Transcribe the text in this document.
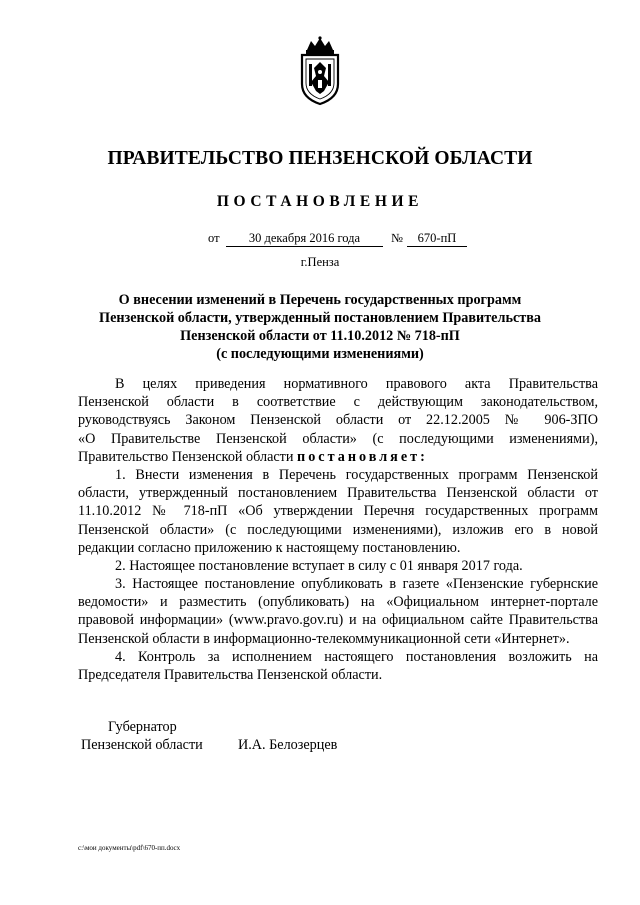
ПРАВИТЕЛЬСТВО ПЕНЗЕНСКОЙ ОБЛАСТИ
ПОСТАНОВЛЕНИЕ
от	30 декабря 2016 года	№	670-пП
г.Пенза
О внесении изменений в Перечень государственных программ
Пензенской области, утвержденный постановлением Правительства
Пензенской области от 11.10.2012 № 718-пП
(с последующими изменениями)
В целях приведения нормативного правового акта Правительства
Пензенской области в соответствие с действующим законодательством,
руководствуясь Законом Пензенской области от 22.12.2005 № 906-ЗПО
«О Правительстве Пензенской области» (с последующими изменениями),
Правительство Пензенской области постановляет:
1. Внести изменения в Перечень государственных программ Пензенской
области, утвержденный постановлением Правительства Пензенской области от
11.10.2012 № 718-пП «Об утверждении Перечня государственных программ
Пензенской области» (с последующими изменениями), изложив его в новой
редакции согласно приложению к настоящему постановлению.
2. Настоящее постановление вступает в силу с 01 января 2017 года.
3. Настоящее постановление опубликовать в газете «Пензенские губернские
ведомости» и разместить (опубликовать) на «Официальном интернет-портале
правовой информации» (www.pravo.gov.ru) и на официальном сайте Правительства
Пензенской области в информационно-телекоммуникационной сети «Интернет».
4. Контроль за исполнением настоящего постановления возложить на
Председателя Правительства Пензенской области.
Губернатор
Пензенской области И.А. Белозерцев
c:\мои документы\pdf\670-пп.docx
